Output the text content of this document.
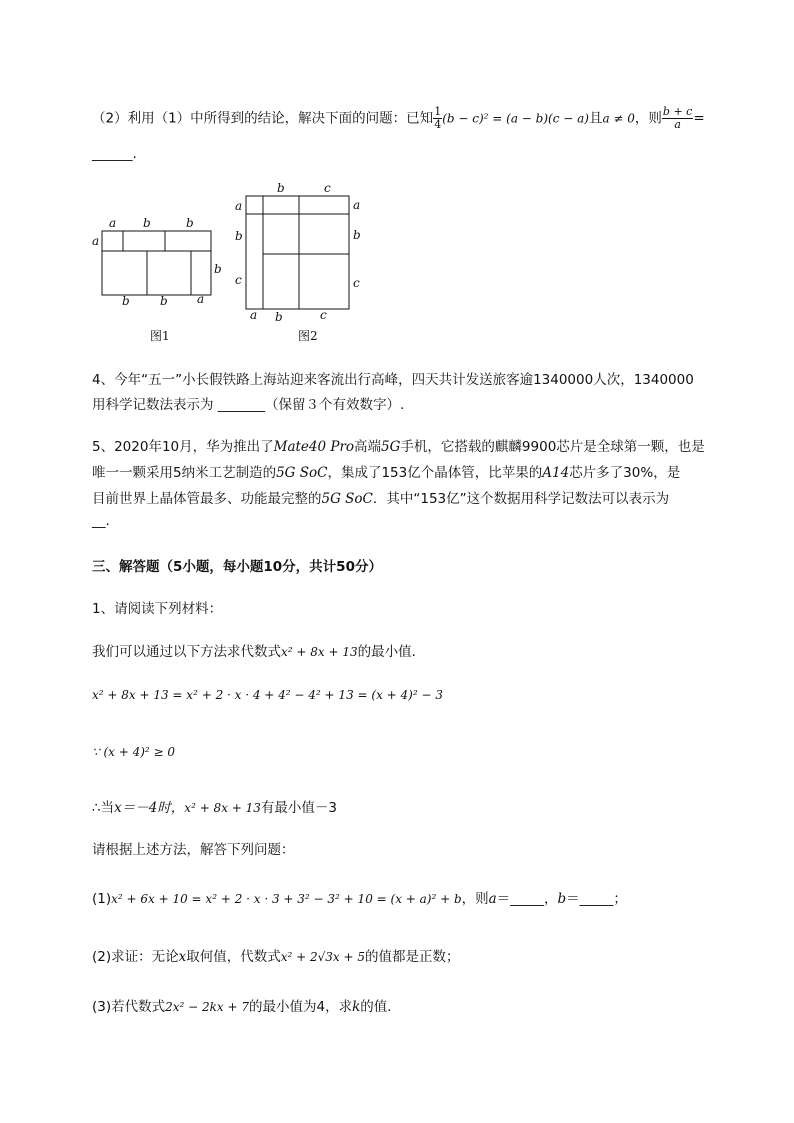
（2）利用（1）中所得到的结论，解决下面的问题：已知 $\frac{1}{4} (b - c)^2 = (a - b)(c - a)$且a ≠ 0，则 $\frac{b + c}{a}$ =
______.
a b	b
a
b
b	b a
图1
b	c
a
b
c
a
b
c
a b	c
图2
4、今年“五一”小长假铁路上海站迎来客流出行高峰，四天共计发送旅客逾1340000人次，1340000
用科学记数法表示为 _______（保留３个有效数字）.
5、2020年10月，华为推出了Mate40 Pro高端5G手机，它搭载的麒麟9900芯片是全球第一颗，也是
唯一一颗采用5纳米工艺制造的5G SoC，集成了153亿个晶体管，比苹果的A14芯片多了30%，是
目前世界上晶体管最多、功能最完整的5G SoC．其中“153亿”这个数据用科学记数法可以表示为
__.
三、解答题（5小题，每小题10分，共计50分）
1、请阅读下列材料：
我们可以通过以下方法求代数式x² + 8x + 13的最小值．
x² + 8x + 13 = x² + 2 · x · 4 + 4² − 4² + 13 = (x + 4)² − 3
∵ (x + 4)² ≥ 0
∴当x＝－4时，x² + 8x + 13有最小值－3
请根据上述方法，解答下列问题：
(1)x² + 6x + 10 = x² + 2 · x · 3 + 3² − 3² + 10 = (x + a)² + b，则a＝_____，b＝_____；
(2)求证：无论x取何值，代数式x² + 2√3x + 5的值都是正数；
(3)若代数式2x² − 2kx + 7的最小值为4，求k的值．
